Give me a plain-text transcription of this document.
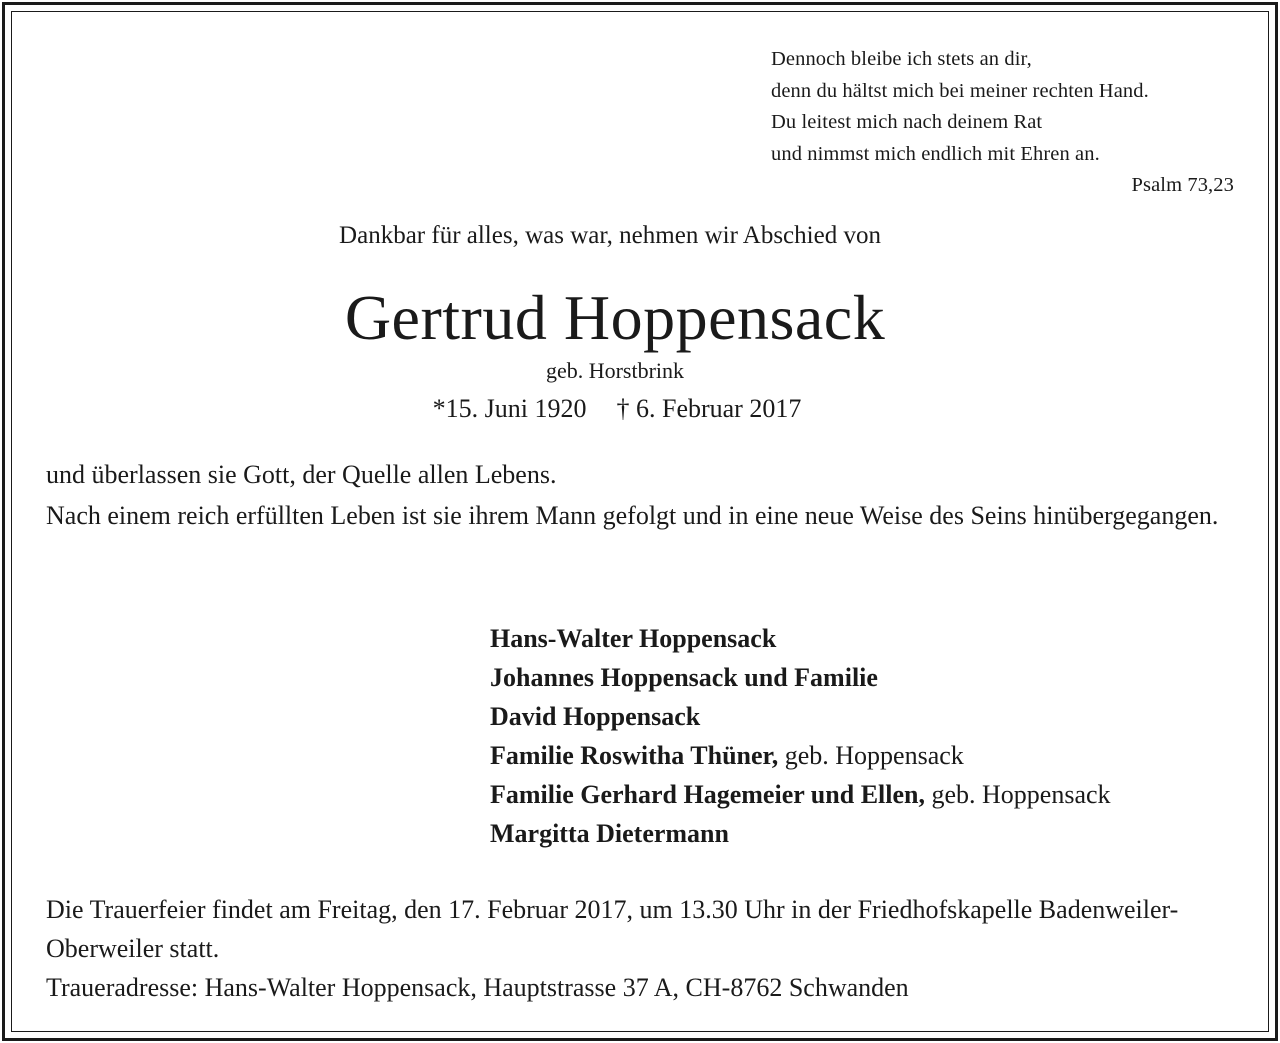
Dennoch bleibe ich stets an dir,
denn du hältst mich bei meiner rechten Hand.
Du leitest mich nach deinem Rat
und nimmst mich endlich mit Ehren an.
Psalm 73,23
Dankbar für alles, was war, nehmen wir Abschied von
Gertrud Hoppensack
geb. Horstbrink
*15. Juni 1920 † 6. Februar 2017

und überlassen sie Gott, der Quelle allen Lebens.

Nach einem reich erfüllten Leben ist sie ihrem Mann gefolgt und in eine neue Weise des Seins hinübergegangen.

Hans-Walter Hoppensack
Johannes Hoppensack und Familie
David Hoppensack
Familie Roswitha Thüner, geb. Hoppensack
Familie Gerhard Hagemeier und Ellen, geb. Hoppensack
Margitta Dietermann

Die Trauerfeier findet am Freitag, den 17. Februar 2017, um 13.30 Uhr in der Friedhofskapelle Badenweiler-Oberweiler statt.

Traueradresse: Hans-Walter Hoppensack, Hauptstrasse 37 A, CH-8762 Schwanden
